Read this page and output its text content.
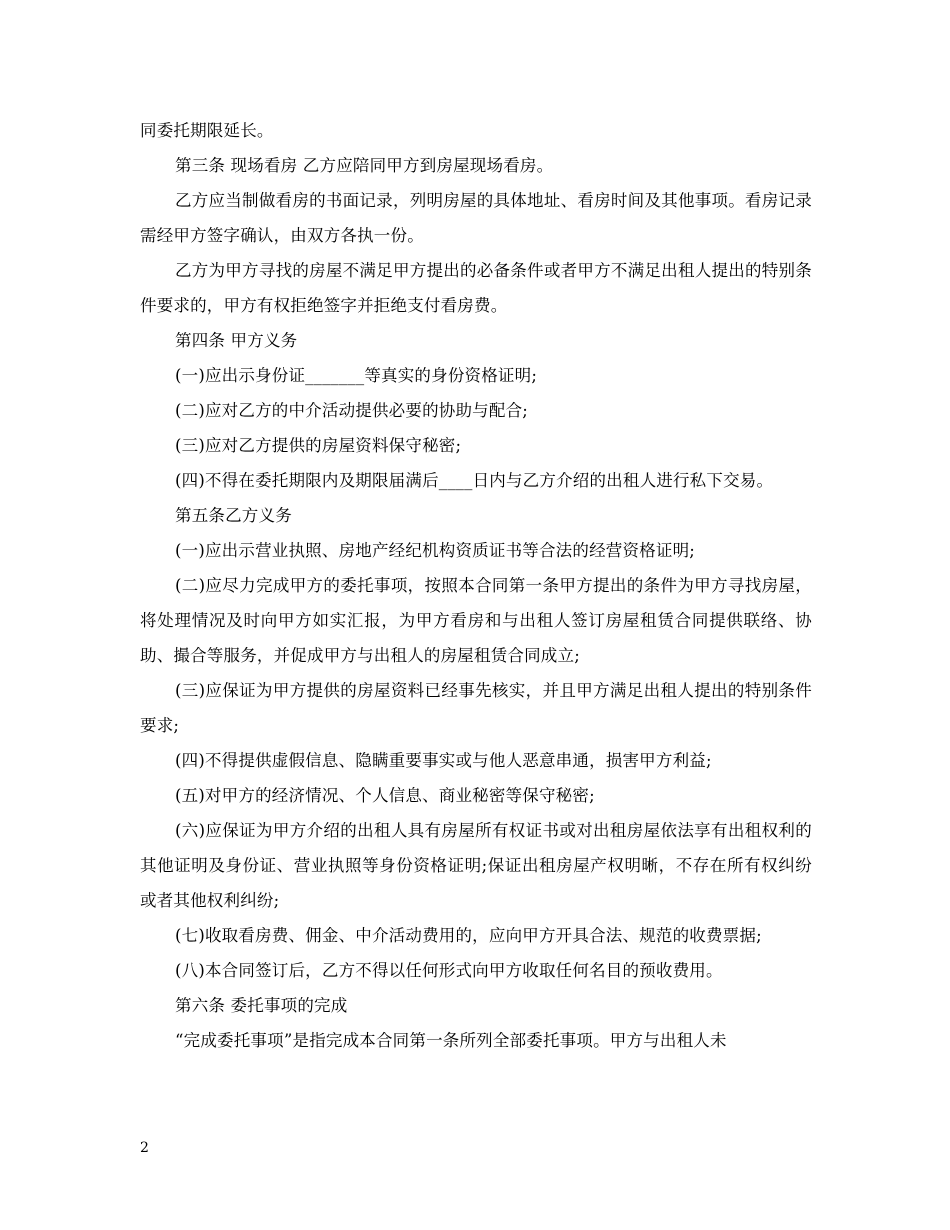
同委托期限延长。

第三条 现场看房 乙方应陪同甲方到房屋现场看房。

乙方应当制做看房的书面记录，列明房屋的具体地址、看房时间及其他事项。看房记录需经甲方签字确认，由双方各执一份。

乙方为甲方寻找的房屋不满足甲方提出的必备条件或者甲方不满足出租人提出的特别条件要求的，甲方有权拒绝签字并拒绝支付看房费。

第四条 甲方义务

(一)应出示身份证_______等真实的身份资格证明;

(二)应对乙方的中介活动提供必要的协助与配合;

(三)应对乙方提供的房屋资料保守秘密;

(四)不得在委托期限内及期限届满后____日内与乙方介绍的出租人进行私下交易。

第五条乙方义务

(一)应出示营业执照、房地产经纪机构资质证书等合法的经营资格证明;

(二)应尽力完成甲方的委托事项，按照本合同第一条甲方提出的条件为甲方寻找房屋，将处理情况及时向甲方如实汇报，为甲方看房和与出租人签订房屋租赁合同提供联络、协助、撮合等服务，并促成甲方与出租人的房屋租赁合同成立;

(三)应保证为甲方提供的房屋资料已经事先核实，并且甲方满足出租人提出的特别条件要求;

(四)不得提供虚假信息、隐瞒重要事实或与他人恶意串通，损害甲方利益;

(五)对甲方的经济情况、个人信息、商业秘密等保守秘密;

(六)应保证为甲方介绍的出租人具有房屋所有权证书或对出租房屋依法享有出租权利的其他证明及身份证、营业执照等身份资格证明;保证出租房屋产权明晰，不存在所有权纠纷或者其他权利纠纷;

(七)收取看房费、佣金、中介活动费用的，应向甲方开具合法、规范的收费票据;

(八)本合同签订后，乙方不得以任何形式向甲方收取任何名目的预收费用。

第六条 委托事项的完成

“完成委托事项”是指完成本合同第一条所列全部委托事项。甲方与出租人未

2
